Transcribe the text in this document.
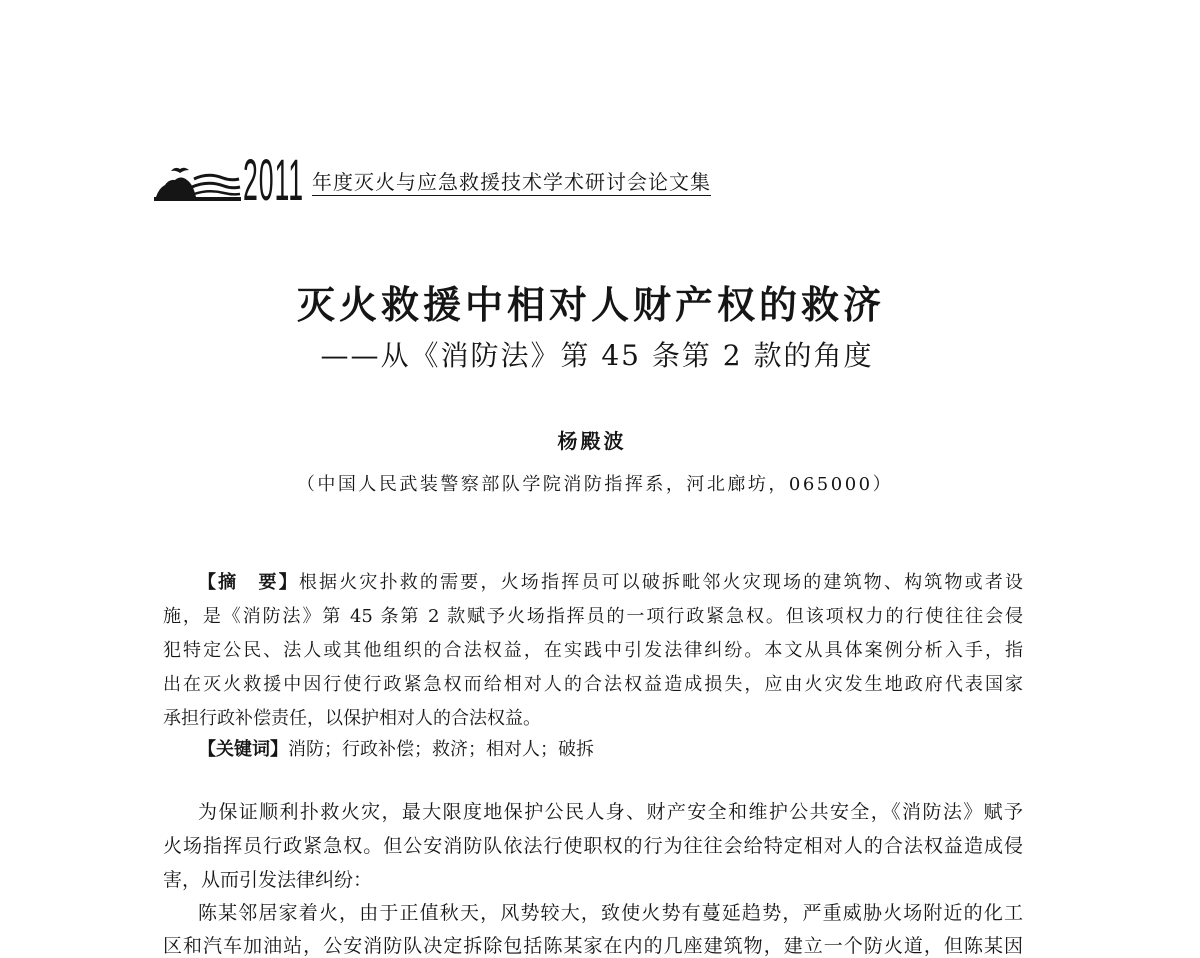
2011 年度灭火与应急救援技术学术研讨会论文集
灭火救援中相对人财产权的救济
——从《消防法》第 45 条第 2 款的角度
杨殿波
（中国人民武装警察部队学院消防指挥系，河北廊坊，065000）
【摘　要】根据火灾扑救的需要，火场指挥员可以破拆毗邻火灾现场的建筑物、构筑物或者设
施，是《消防法》第 45 条第 2 款赋予火场指挥员的一项行政紧急权。但该项权力的行使往往会侵
犯特定公民、法人或其他组织的合法权益，在实践中引发法律纠纷。本文从具体案例分析入手，指
出在灭火救援中因行使行政紧急权而给相对人的合法权益造成损失，应由火灾发生地政府代表国家
承担行政补偿责任，以保护相对人的合法权益。
【关键词】消防；行政补偿；救济；相对人；破拆
为保证顺利扑救火灾，最大限度地保护公民人身、财产安全和维护公共安全，《消防法》赋予
火场指挥员行政紧急权。但公安消防队依法行使职权的行为往往会给特定相对人的合法权益造成侵
害，从而引发法律纠纷：
陈某邻居家着火，由于正值秋天，风势较大，致使火势有蔓延趋势，严重威胁火场附近的化工
区和汽车加油站，公安消防队决定拆除包括陈某家在内的几座建筑物，建立一个防火道，但陈某因
